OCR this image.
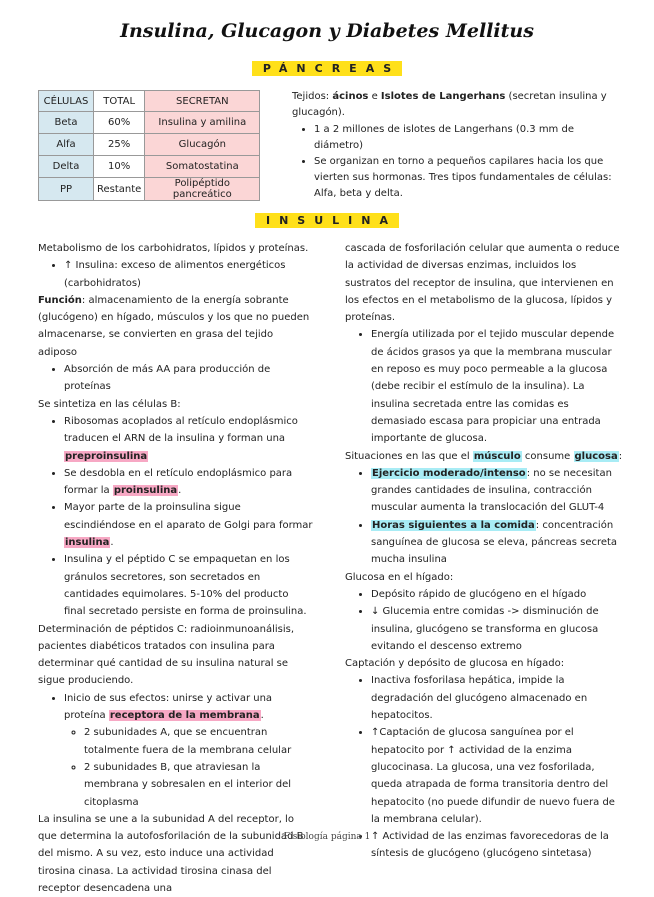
Insulina, Glucagon y Diabetes Mellitus
PÁNCREAS
CÉLULAS	TOTAL	SECRETAN
Beta	60%	Insulina y amilina
Alfa	25%	Glucagón
Delta	10%	Somatostatina
PP	Restante	Polipéptido pancreático
Tejidos: ácinos e Islotes de Langerhans (secretan insulina y glucagón).
• 1 a 2 millones de islotes de Langerhans (0.3 mm de diámetro)
• Se organizan en torno a pequeños capilares hacia los que vierten sus hormonas. Tres tipos fundamentales de células: Alfa, beta y delta.
INSULINA

Metabolismo de los carbohidratos, lípidos y proteínas.

• ↑ Insulina: exceso de alimentos energéticos (carbohidratos)

Función: almacenamiento de la energía sobrante (glucógeno) en hígado, músculos y los que no pueden almacenarse, se convierten en grasa del tejido adiposo

• Absorción de más AA para producción de proteínas

Se sintetiza en las células B:

• Ribosomas acoplados al retículo endoplásmico traducen el ARN de la insulina y forman una preproinsulina
• Se desdobla en el retículo endoplásmico para formar la proinsulina.
• Mayor parte de la proinsulina sigue escindiéndose en el aparato de Golgi para formar insulina.
• Insulina y el péptido C se empaquetan en los gránulos secretores, son secretados en cantidades equimolares. 5-10% del producto final secretado persiste en forma de proinsulina.

Determinación de péptidos C: radioinmunoanálisis, pacientes diabéticos tratados con insulina para determinar qué cantidad de su insulina natural se sigue produciendo.

• Inicio de sus efectos: unirse y activar una proteína receptora de la membrana.
◦ 2 subunidades A, que se encuentran totalmente fuera de la membrana celular
◦ 2 subunidades B, que atraviesan la membrana y sobresalen en el interior del citoplasma

La insulina se une a la subunidad A del receptor, lo que determina la autofosforilación de la subunidad B del mismo. A su vez, esto induce una actividad tirosina cinasa. La actividad tirosina cinasa del receptor desencadena una

cascada de fosforilación celular que aumenta o reduce la actividad de diversas enzimas, incluidos los sustratos del receptor de insulina, que intervienen en los efectos en el metabolismo de la glucosa, lípidos y proteínas.

• Energía utilizada por el tejido muscular depende de ácidos grasos ya que la membrana muscular en reposo es muy poco permeable a la glucosa (debe recibir el estímulo de la insulina). La insulina secretada entre las comidas es demasiado escasa para propiciar una entrada importante de glucosa.

Situaciones en las que el músculo consume glucosa:

• Ejercicio moderado/intenso: no se necesitan grandes cantidades de insulina, contracción muscular aumenta la translocación del GLUT-4
• Horas siguientes a la comida: concentración sanguínea de glucosa se eleva, páncreas secreta mucha insulina

Glucosa en el hígado:

• Depósito rápido de glucógeno en el hígado
• ↓ Glucemia entre comidas -> disminución de insulina, glucógeno se transforma en glucosa evitando el descenso extremo

Captación y depósito de glucosa en hígado:

• Inactiva fosforilasa hepática, impide la degradación del glucógeno almacenado en hepatocitos.
• ↑Captación de glucosa sanguínea por el hepatocito por ↑ actividad de la enzima glucocinasa. La glucosa, una vez fosforilada, queda atrapada de forma transitoria dentro del hepatocito (no puede difundir de nuevo fuera de la membrana celular).
• ↑ Actividad de las enzimas favorecedoras de la síntesis de glucógeno (glucógeno sintetasa)
Fisiología página 1
